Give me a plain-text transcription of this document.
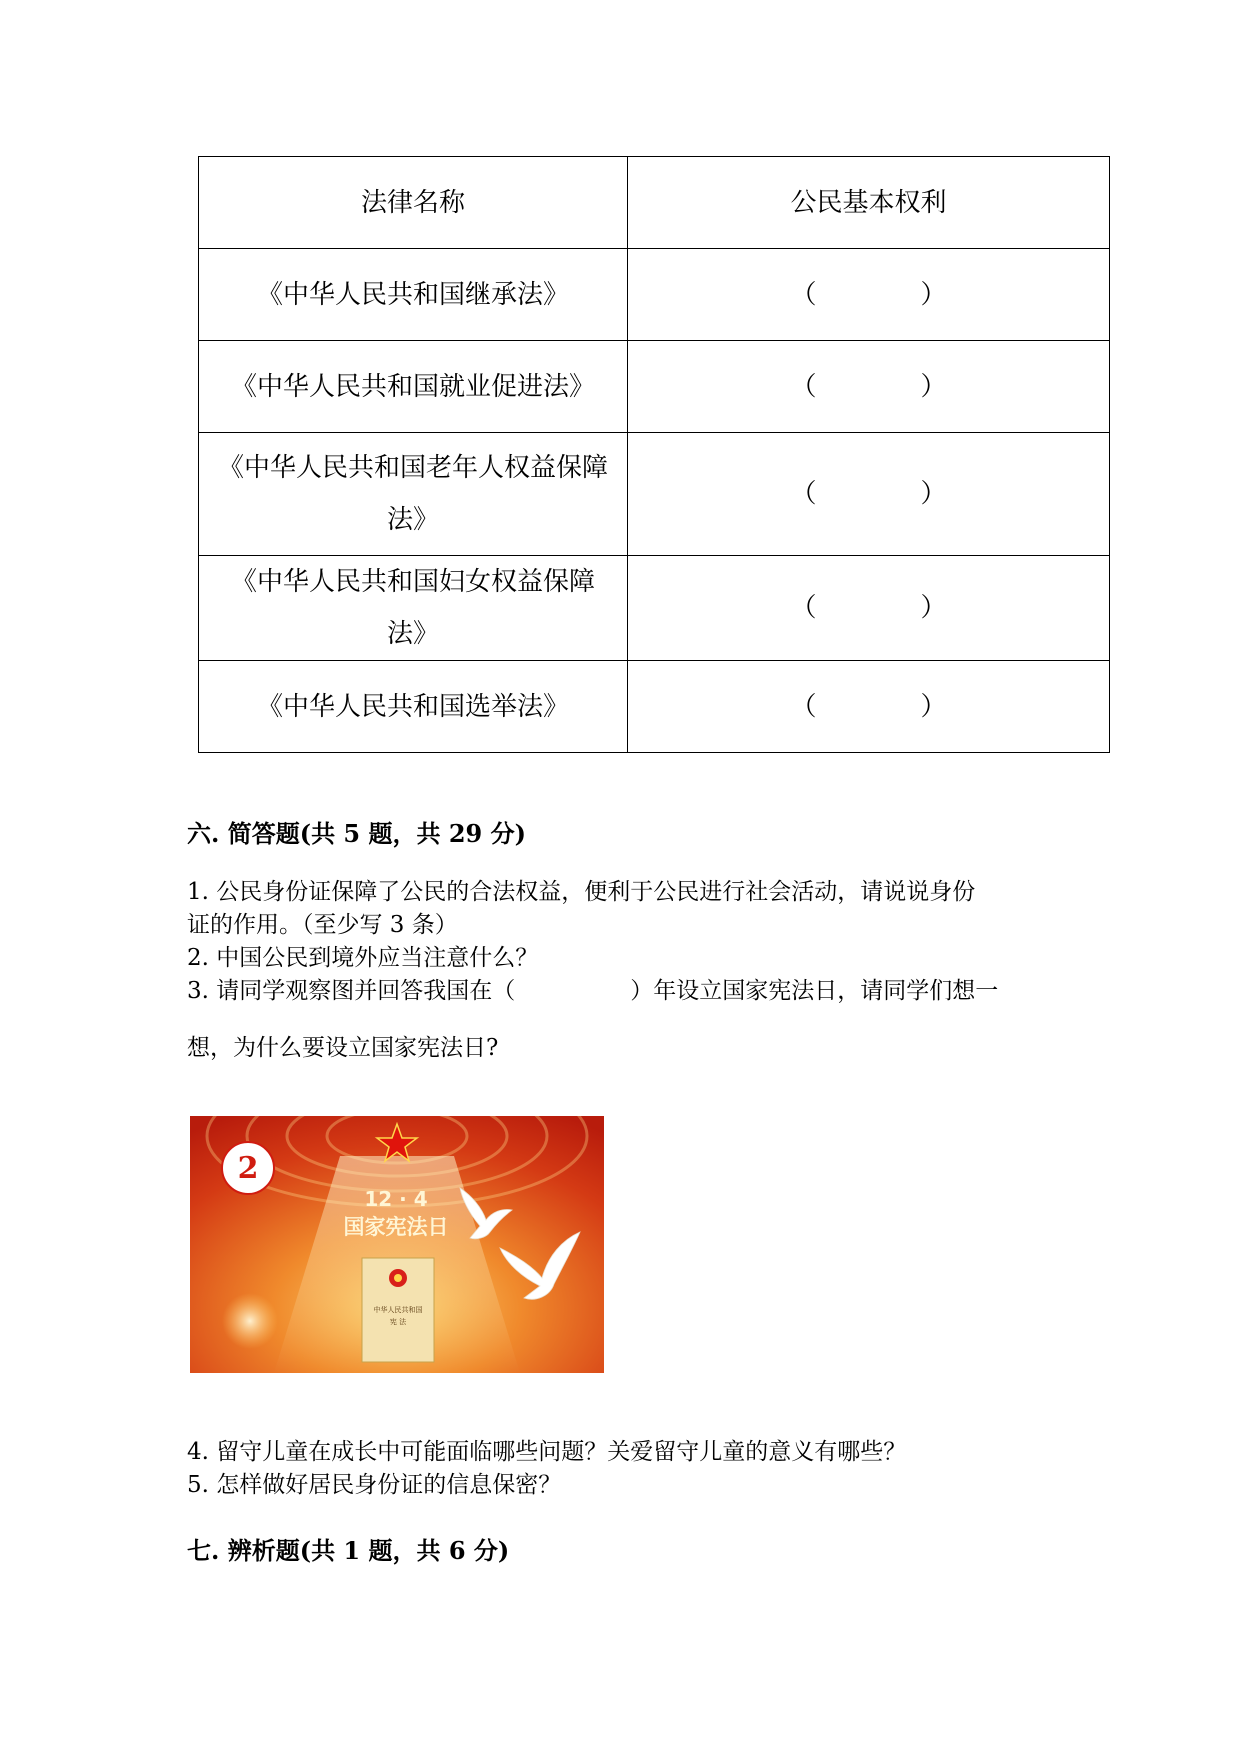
法律名称	公民基本权利
《中华人民共和国继承法》	（　　　　）
《中华人民共和国就业促进法》	（　　　　）
《中华人民共和国老年人权益保障法》	（　　　　）
《中华人民共和国妇女权益保障法》	（　　　　）
《中华人民共和国选举法》	（　　　　）
六. 简答题(共 5 题，共 29 分)
1. 公民身份证保障了公民的合法权益，便利于公民进行社会活动，请说说身份
证的作用。（至少写 3 条）
2. 中国公民到境外应当注意什么？
3. 请同学观察图并回答我国在（　　　　　）年设立国家宪法日，请同学们想一
想，为什么要设立国家宪法日?
2
12 · 4
国家宪法日
中华人民共和国
宪 法
4. 留守儿童在成长中可能面临哪些问题？关爱留守儿童的意义有哪些？
5. 怎样做好居民身份证的信息保密？
七. 辨析题(共 1 题，共 6 分)
